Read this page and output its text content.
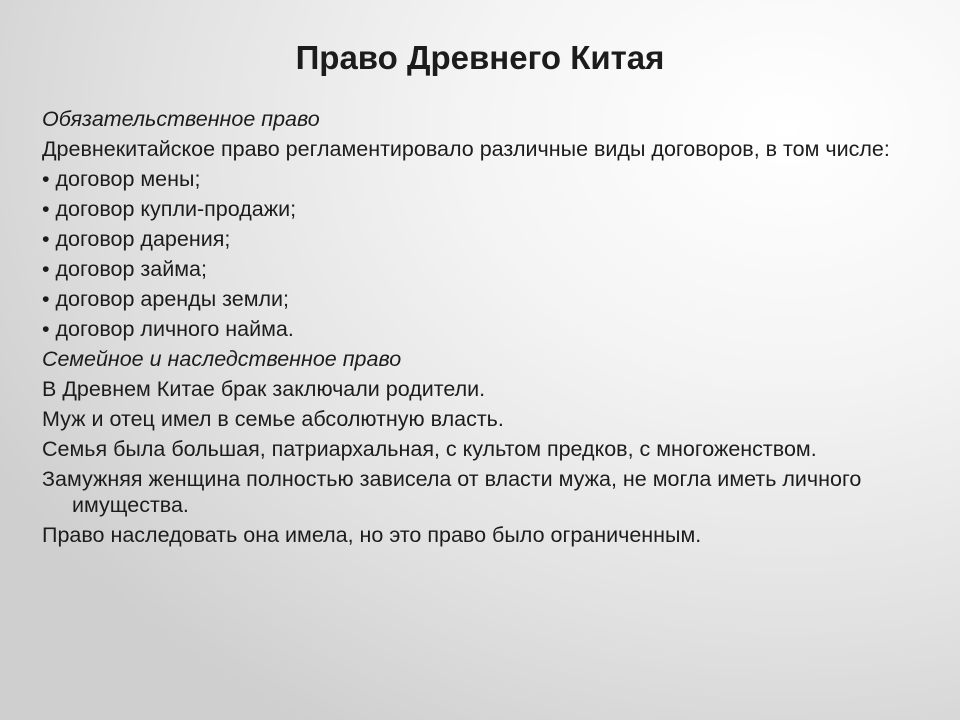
Право Древнего Китая

Обязательственное право

Древнекитайское право регламентировало различные виды договоров, в том числе:

• договор мены;

• договор купли-продажи;

• договор дарения;

• договор займа;

• договор аренды земли;

• договор личного найма.

Семейное и наследственное право

В Древнем Китае брак заключали родители.

Муж и отец имел в семье абсолютную власть.

Семья была большая, патриархальная, с культом предков, с многоженством.

Замужняя женщина полностью зависела от власти мужа, не могла иметь личного имущества.

Право наследовать она имела, но это право было ограниченным.
